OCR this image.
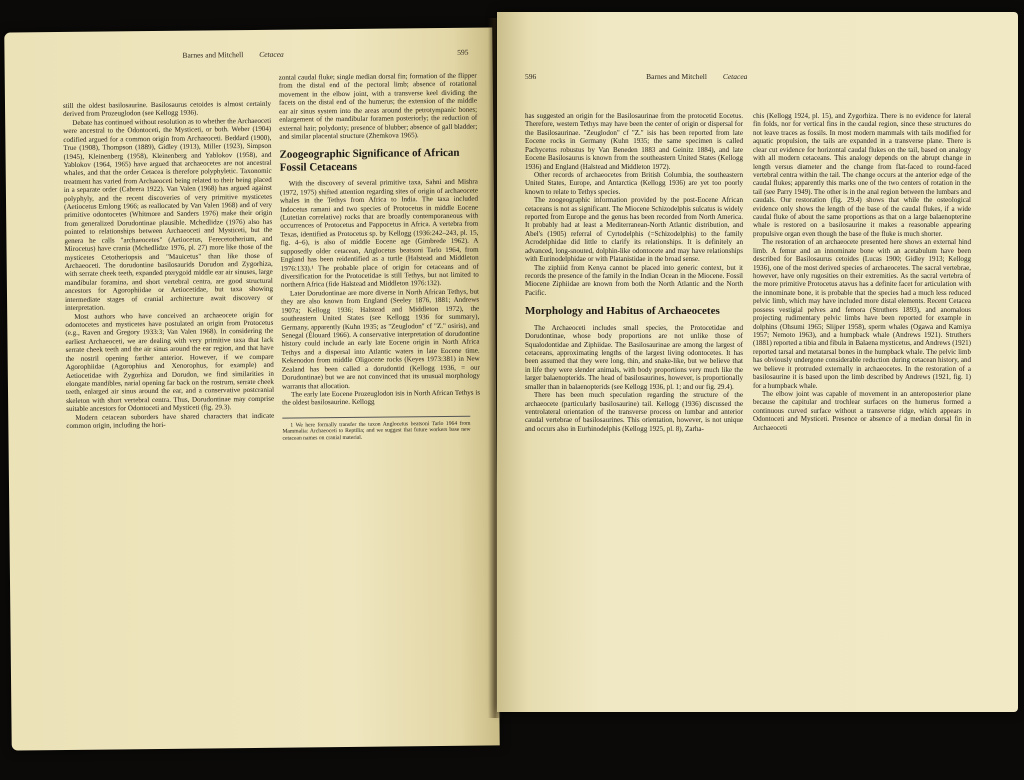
Barnes and Mitchell Cetacea	595

still the oldest basilosaurine. Basilosaurus cetoides is almost certainly derived from Prozeuglodon (see Kellogg 1936).

Debate has continued without resolution as to whether the Archaeoceti were ancestral to the Odontoceti, the Mysticeti, or both. Weber (1904) codified argued for a common origin from Archaeoceti. Beddard (1900), True (1908), Thompson (1889), Gidley (1913), Miller (1923), Simpson (1945), Kleinenberg (1958), Kleinenberg and Yablokov (1958), and Yablokov (1964, 1965) have argued that archaeocetes are not ancestral whales, and that the order Cetacea is therefore polyphyletic. Taxonomic treatment has varied from Archaeoceti being related to their being placed in a separate order (Cabrera 1922). Van Valen (1968) has argued against polyphyly, and the recent discoveries of very primitive mysticetes (Aetiocetus Emlong 1966; as reallocated by Van Valen 1968) and of very primitive odontocetes (Whitmore and Sanders 1976) make their origin from generalized Dorudontinae plausible. Mchedlidze (1976) also has pointed to relationships between Archaeoceti and Mysticeti, but the genera he calls "archaeocetes" (Aetiocetus, Ferecetotherium, and Mirocetus) have crania (Mchedlidze 1976, pl. 27) more like those of the mysticetes Cetotheriopsis and "Mauicetus" than like those of Archaeoceti. The dorudontine basilosaurids Dorudon and Zygorhiza, with serrate cheek teeth, expanded pterygoid middle ear air sinuses, large mandibular foramina, and short vertebral centra, are good structural ancestors for Agorophiidae or Aetiocetidae, but taxa showing intermediate stages of cranial architecture await discovery or interpretation.

Most authors who have conceived an archaeocete origin for odontocetes and mysticetes have postulated an origin from Protocetus (e.g., Raven and Gregory 1933:3; Van Valen 1968). In considering the earliest Archaeoceti, we are dealing with very primitive taxa that lack serrate cheek teeth and the air sinus around the ear region, and that have the nostril opening farther anterior. However, if we compare Agorophiidae (Agorophius and Xenorophus, for example) and Aetiocetidae with Zygorhiza and Dorudon, we find similarities in elongate mandibles, narial opening far back on the rostrum, serrate cheek teeth, enlarged air sinus around the ear, and a conservative postcranial skeleton with short vertebral centra. Thus, Dorudontinae may comprise suitable ancestors for Odontoceti and Mysticeti (fig. 29.3).

Modern cetacean suborders have shared characters that indicate common origin, including the hori-

zontal caudal fluke; single median dorsal fin; formation of the flipper from the distal end of the pectoral limb; absence of rotational movement in the elbow joint, with a transverse keel dividing the facets on the distal end of the humerus; the extension of the middle ear air sinus system into the areas around the petrotympanic bones; enlargement of the mandibular foramen posteriorly; the reduction of external hair; polydonty; presence of blubber; absence of gall bladder; and similar placental structure (Zhemkova 1965).

Zoogeographic Significance of African Fossil Cetaceans

With the discovery of several primitive taxa, Sahni and Mishra (1972, 1975) shifted attention regarding sites of origin of archaeocete whales in the Tethys from Africa to India. The taxa included Indocetus ramani and two species of Protocetus in middle Eocene (Lutetian correlative) rocks that are broadly contemporaneous with occurrences of Protocetus and Pappocetus in Africa. A vertebra from Texas, identified as Protocetus sp. by Kellogg (1936:242–243, pl. 15, fig. 4–6), is also of middle Eocene age (Gimbrede 1962). A supposedly older cetacean, Anglocetus beatsoni Tarlo 1964, from England has been reidentified as a turtle (Halstead and Middleton 1976:133).¹ The probable place of origin for cetaceans and of diversification for the Protocetidae is still Tethys, but not limited to northern Africa (fide Halstead and Middleton 1976:132).

Later Dorudontinae are more diverse in North African Tethys, but they are also known from England (Seeley 1876, 1881; Andrews 1907a; Kellogg 1936; Halstead and Middleton 1972), the southeastern United States (see Kellogg 1936 for summary), Germany, apparently (Kuhn 1935; as "Zeuglodon" cf "Z." osiris), and Senegal (Élouard 1966). A conservative interpretation of dorudontine history could include an early late Eocene origin in North Africa Tethys and a dispersal into Atlantic waters in late Eocene time. Kekenodon from middle Oligocene rocks (Keyes 1973:381) in New Zealand has been called a dorudontid (Kellogg 1936, = our Dorudontinae) but we are not convinced that its unusual morphology warrants that allocation.

The early late Eocene Prozeuglodon isis in North African Tethys is the oldest basilosaurine. Kellogg

1 We here formally transfer the taxon Anglocetus beatsoni Tarlo 1964 from Mammalia: Archaeoceti to Reptilia; and we suggest that future workers base new cetacean names on cranial material.

596	Barnes and Mitchell Cetacea

has suggested an origin for the Basilosaurinae from the protocetid Eocetus. Therefore, western Tethys may have been the center of origin or dispersal for the Basilosaurinae. "Zeuglodon" cf "Z." isis has been reported from late Eocene rocks in Germany (Kuhn 1935; the same specimen is called Pachycetus robustus by Van Beneden 1883 and Geinitz 1884), and late Eocene Basilosaurus is known from the southeastern United States (Kellogg 1936) and England (Halstead and Middleton 1972).

Other records of archaeocetes from British Columbia, the southeastern United States, Europe, and Antarctica (Kellogg 1936) are yet too poorly known to relate to Tethys species.

The zoogeographic information provided by the post-Eocene African cetaceans is not as significant. The Miocene Schizodelphis sulcatus is widely reported from Europe and the genus has been recorded from North America. It probably had at least a Mediterranean-North Atlantic distribution, and Abel's (1905) referral of Cyrtodelphis (=Schizodelphis) to the family Acrodelphidae did little to clarify its relationships. It is definitely an advanced, long-snouted, dolphin-like odontocete and may have relationships with Eurinodelphidae or with Platanistidae in the broad sense.

The ziphiid from Kenya cannot be placed into generic context, but it records the presence of the family in the Indian Ocean in the Miocene. Fossil Miocene Ziphiidae are known from both the North Atlantic and the North Pacific.

Morphology and Habitus of Archaeocetes

The Archaeoceti includes small species, the Protocetidae and Dorudontinae, whose body proportions are not unlike those of Squalodontidae and Ziphiidae. The Basilosaurinae are among the largest of cetaceans, approximating lengths of the largest living odontocetes. It has been assumed that they were long, thin, and snake-like, but we believe that in life they were slender animals, with body proportions very much like the larger balaenopterids. The head of basilosaurines, however, is proportionally smaller than in balaenopterids (see Kellogg 1936, pl. 1; and our fig. 29.4).

There has been much speculation regarding the structure of the archaeocete (particularly basilosaurine) tail. Kellogg (1936) discussed the ventrolateral orientation of the transverse process on lumbar and anterior caudal vertebrae of basilosaurines. This orientation, however, is not unique and occurs also in Eurhinodelphis (Kellogg 1925, pl. 8), Zarha-

chis (Kellogg 1924, pl. 15), and Zygorhiza. There is no evidence for lateral fin folds, nor for vertical fins in the caudal region, since these structures do not leave traces as fossils. In most modern mammals with tails modified for aquatic propulsion, the tails are expanded in a transverse plane. There is clear cut evidence for horizontal caudal flukes on the tail, based on analogy with all modern cetaceans. This analogy depends on the abrupt change in length versus diameter and the change from flat-faced to round-faced vertebral centra within the tail. The change occurs at the anterior edge of the caudal flukes; apparently this marks one of the two centers of rotation in the tail (see Parry 1949). The other is in the anal region between the lumbars and caudals. Our restoration (fig. 29.4) shows that while the osteological evidence only shows the length of the base of the caudal flukes, if a wide caudal fluke of about the same proportions as that on a large balaenopterine whale is restored on a basilosaurine it makes a reasonable appearing propulsive organ even though the base of the fluke is much shorter.

The restoration of an archaeocete presented here shows an external hind limb. A femur and an innominate bone with an acetabulum have been described for Basilosaurus cetoides (Lucas 1900; Gidley 1913; Kellogg 1936), one of the most derived species of archaeocetes. The sacral vertebrae, however, have only rugosities on their extremities. As the sacral vertebra of the more primitive Protocetus atavus has a definite facet for articulation with the innominate bone, it is probable that the species had a much less reduced pelvic limb, which may have included more distal elements. Recent Cetacea possess vestigial pelves and femora (Struthers 1893), and anomalous projecting rudimentary pelvic limbs have been reported for example in dolphins (Ohsumi 1965; Slijper 1958), sperm whales (Ogawa and Kamiya 1957; Nemoto 1963), and a humpback whale (Andrews 1921). Struthers (1881) reported a tibia and fibula in Balaena mysticetus, and Andrews (1921) reported tarsal and metatarsal bones in the humpback whale. The pelvic limb has obviously undergone considerable reduction during cetacean history, and we believe it protruded externally in archaeocetes. In the restoration of a basilosaurine it is based upon the limb described by Andrews (1921, fig. 1) for a humpback whale.

The elbow joint was capable of movement in an anteroposterior plane because the capitular and trochlear surfaces on the humerus formed a continuous curved surface without a transverse ridge, which appears in Odontoceti and Mysticeti. Presence or absence of a median dorsal fin in Archaeoceti
